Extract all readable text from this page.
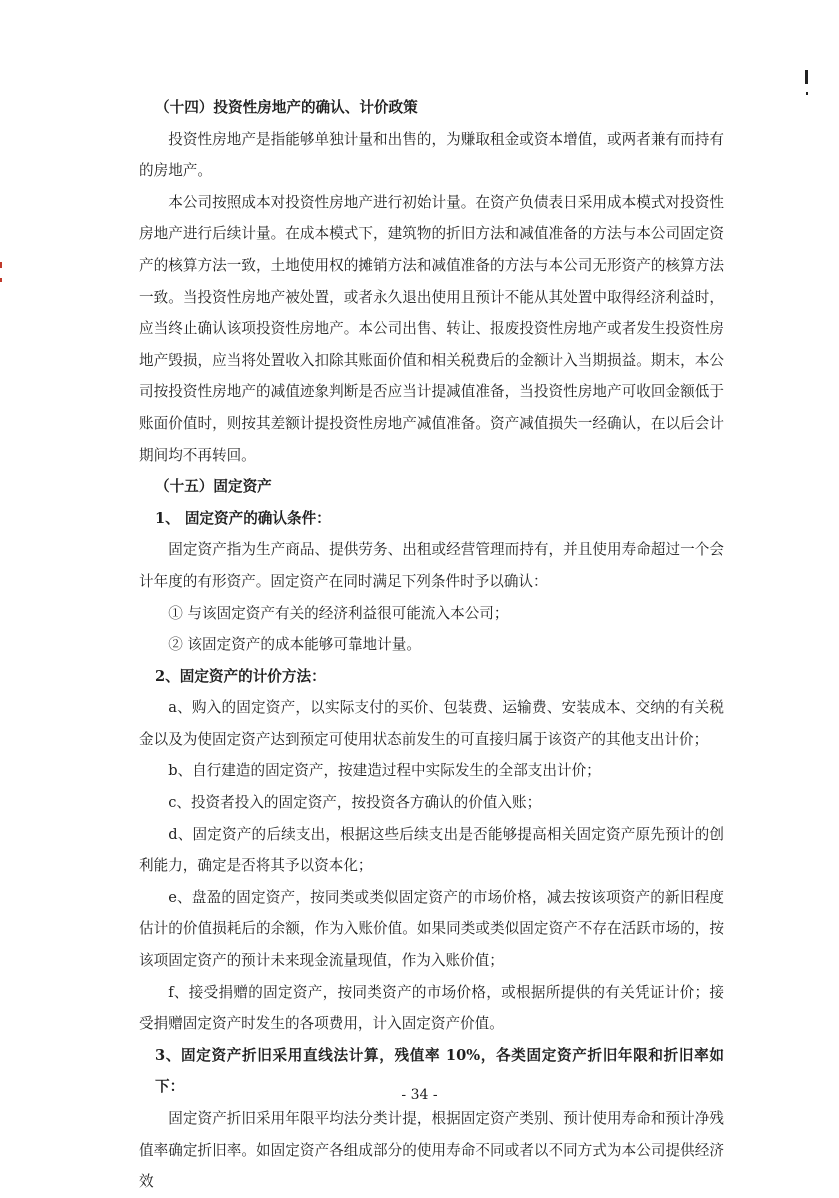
（十四）投资性房地产的确认、计价政策

投资性房地产是指能够单独计量和出售的，为赚取租金或资本增值，或两者兼有而持有的房地产。

本公司按照成本对投资性房地产进行初始计量。在资产负债表日采用成本模式对投资性房地产进行后续计量。在成本模式下，建筑物的折旧方法和减值准备的方法与本公司固定资产的核算方法一致，土地使用权的摊销方法和减值准备的方法与本公司无形资产的核算方法一致。当投资性房地产被处置，或者永久退出使用且预计不能从其处置中取得经济利益时，应当终止确认该项投资性房地产。本公司出售、转让、报废投资性房地产或者发生投资性房地产毁损，应当将处置收入扣除其账面价值和相关税费后的金额计入当期损益。期末，本公司按投资性房地产的减值迹象判断是否应当计提减值准备，当投资性房地产可收回金额低于账面价值时，则按其差额计提投资性房地产减值准备。资产减值损失一经确认，在以后会计期间均不再转回。

（十五）固定资产

1、 固定资产的确认条件：

固定资产指为生产商品、提供劳务、出租或经营管理而持有，并且使用寿命超过一个会计年度的有形资产。固定资产在同时满足下列条件时予以确认：

① 与该固定资产有关的经济利益很可能流入本公司；

② 该固定资产的成本能够可靠地计量。

2、固定资产的计价方法：

a、购入的固定资产，以实际支付的买价、包装费、运输费、安装成本、交纳的有关税金以及为使固定资产达到预定可使用状态前发生的可直接归属于该资产的其他支出计价；

b、自行建造的固定资产，按建造过程中实际发生的全部支出计价；

c、投资者投入的固定资产，按投资各方确认的价值入账；

d、固定资产的后续支出，根据这些后续支出是否能够提高相关固定资产原先预计的创利能力，确定是否将其予以资本化；

e、盘盈的固定资产，按同类或类似固定资产的市场价格，减去按该项资产的新旧程度估计的价值损耗后的余额，作为入账价值。如果同类或类似固定资产不存在活跃市场的，按该项固定资产的预计未来现金流量现值，作为入账价值；

f、接受捐赠的固定资产，按同类资产的市场价格，或根据所提供的有关凭证计价；接受捐赠固定资产时发生的各项费用，计入固定资产价值。

3、固定资产折旧采用直线法计算，残值率 10%，各类固定资产折旧年限和折旧率如下：

固定资产折旧采用年限平均法分类计提，根据固定资产类别、预计使用寿命和预计净残值率确定折旧率。如固定资产各组成部分的使用寿命不同或者以不同方式为本公司提供经济效

- 34 -
